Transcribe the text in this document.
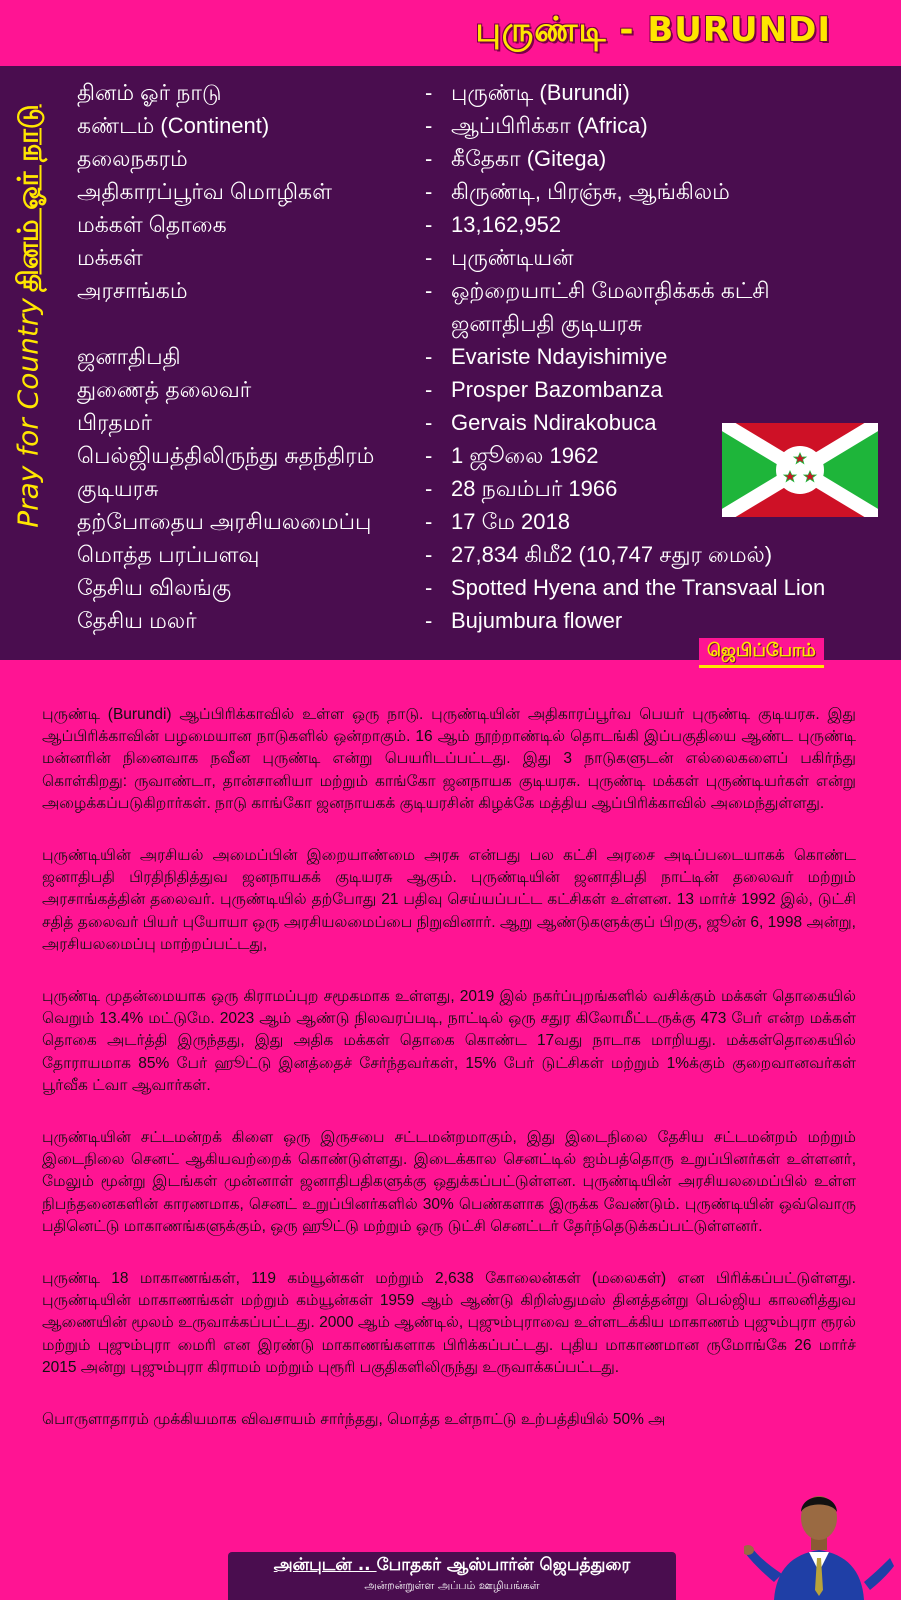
புருண்டி - BURUNDI
Pray for Countryதினம் ஓர் நாடு
தினம் ஓர் நாடு	- புருண்டி (Burundi)
கண்டம் (Continent)	- ஆப்பிரிக்கா (Africa)
தலைநகரம்	- கீதேகா (Gitega)
அதிகாரப்பூர்வ மொழிகள்	- கிருண்டி, பிரஞ்சு, ஆங்கிலம்
மக்கள் தொகை	- 13,162,952
மக்கள்	- புருண்டியன்
அரசாங்கம்	- ஒற்றையாட்சி மேலாதிக்கக் கட்சி
ஜனாதிபதி குடியரசு
ஜனாதிபதி	- Evariste Ndayishimiye
துணைத் தலைவர்	- Prosper Bazombanza
பிரதமர்	- Gervais Ndirakobuca
பெல்ஜியத்திலிருந்து சுதந்திரம் - 1 ஜூலை 1962
குடியரசு	- 28 நவம்பர் 1966
தற்போதைய அரசியலமைப்பு - 17 மே 2018
மொத்த பரப்பளவு	- 27,834 கிமீ2 (10,747 சதுர மைல்)
தேசிய விலங்கு	- Spotted Hyena and the Transvaal Lion
தேசிய மலர்	- Bujumbura flower
ஜெபிப்போம்

புருண்டி (Burundi) ஆப்பிரிக்காவில் உள்ள ஒரு நாடு. புருண்டியின் அதிகாரப்பூர்வ பெயர் புருண்டி குடியரசு. இது ஆப்பிரிக்காவின் பழமையான நாடுகளில் ஒன்றாகும். 16 ஆம் நூற்றாண்டில் தொடங்கி இப்பகுதியை ஆண்ட புருண்டி மன்னரின் நினைவாக நவீன புருண்டி என்று பெயரிடப்பட்டது. இது 3 நாடுகளுடன் எல்லைகளைப் பகிர்ந்து கொள்கிறது: ருவாண்டா, தான்சானியா மற்றும் காங்கோ ஜனநாயக குடியரசு. புருண்டி மக்கள் புருண்டியர்கள் என்று அழைக்கப்படுகிறார்கள். நாடு காங்கோ ஜனநாயகக் குடியரசின் கிழக்கே மத்திய ஆப்பிரிக்காவில் அமைந்துள்ளது.

புருண்டியின் அரசியல் அமைப்பின் இறையாண்மை அரசு என்பது பல கட்சி அரசை அடிப்படையாகக் கொண்ட ஜனாதிபதி பிரதிநிதித்துவ ஜனநாயகக் குடியரசு ஆகும். புருண்டியின் ஜனாதிபதி நாட்டின் தலைவர் மற்றும் அரசாங்கத்தின் தலைவர். புருண்டியில் தற்போது 21 பதிவு செய்யப்பட்ட கட்சிகள் உள்ளன. 13 மார்ச் 1992 இல், டுட்சி சதித் தலைவர் பியர் புயோயா ஒரு அரசியலமைப்பை நிறுவினார். ஆறு ஆண்டுகளுக்குப் பிறகு, ஜூன் 6, 1998 அன்று, அரசியலமைப்பு மாற்றப்பட்டது,

புருண்டி முதன்மையாக ஒரு கிராமப்புற சமூகமாக உள்ளது, 2019 இல் நகர்ப்புறங்களில் வசிக்கும் மக்கள் தொகையில் வெறும் 13.4% மட்டுமே. 2023 ஆம் ஆண்டு நிலவரப்படி, நாட்டில் ஒரு சதுர கிலோமீட்டருக்கு 473 பேர் என்ற மக்கள் தொகை அடர்த்தி இருந்தது, இது அதிக மக்கள் தொகை கொண்ட 17வது நாடாக மாறியது. மக்கள்தொகையில் தோராயமாக 85% பேர் ஹூட்டு இனத்தைச் சேர்ந்தவர்கள், 15% பேர் டுட்சிகள் மற்றும் 1%க்கும் குறைவானவர்கள் பூர்வீக ட்வா ஆவார்கள்.

புருண்டியின் சட்டமன்றக் கிளை ஒரு இருசபை சட்டமன்றமாகும், இது இடைநிலை தேசிய சட்டமன்றம் மற்றும் இடைநிலை செனட் ஆகியவற்றைக் கொண்டுள்ளது. இடைக்கால செனட்டில் ஐம்பத்தொரு உறுப்பினர்கள் உள்ளனர், மேலும் மூன்று இடங்கள் முன்னாள் ஜனாதிபதிகளுக்கு ஒதுக்கப்பட்டுள்ளன. புருண்டியின் அரசியலமைப்பில் உள்ள நிபந்தனைகளின் காரணமாக, செனட் உறுப்பினர்களில் 30% பெண்களாக இருக்க வேண்டும். புருண்டியின் ஒவ்வொரு பதினெட்டு மாகாணங்களுக்கும், ஒரு ஹூட்டு மற்றும் ஒரு டுட்சி செனட்டர் தேர்ந்தெடுக்கப்பட்டுள்ளனர்.

புருண்டி 18 மாகாணங்கள், 119 கம்யூன்கள் மற்றும் 2,638 கோலைன்கள் (மலைகள்) என பிரிக்கப்பட்டுள்ளது. புருண்டியின் மாகாணங்கள் மற்றும் கம்யூன்கள் 1959 ஆம் ஆண்டு கிறிஸ்துமஸ் தினத்தன்று பெல்ஜிய காலனித்துவ ஆணையின் மூலம் உருவாக்கப்பட்டது. 2000 ஆம் ஆண்டில், புஜும்புராவை உள்ளடக்கிய மாகாணம் புஜும்புரா ரூரல் மற்றும் புஜும்புரா மைரி என இரண்டு மாகாணங்களாக பிரிக்கப்பட்டது. புதிய மாகாணமான ருமோங்கே 26 மார்ச் 2015 அன்று புஜும்புரா கிராமம் மற்றும் புரூரி பகுதிகளிலிருந்து உருவாக்கப்பட்டது.

பொருளாதாரம் முக்கியமாக விவசாயம் சார்ந்தது, மொத்த உள்நாட்டு உற்பத்தியில் 50% அ

அன்புடன் .. போதகர் ஆஸ்பார்ன் ஜெபத்துரை
அன்றன்றுள்ள அப்பம் ஊழியங்கள்
